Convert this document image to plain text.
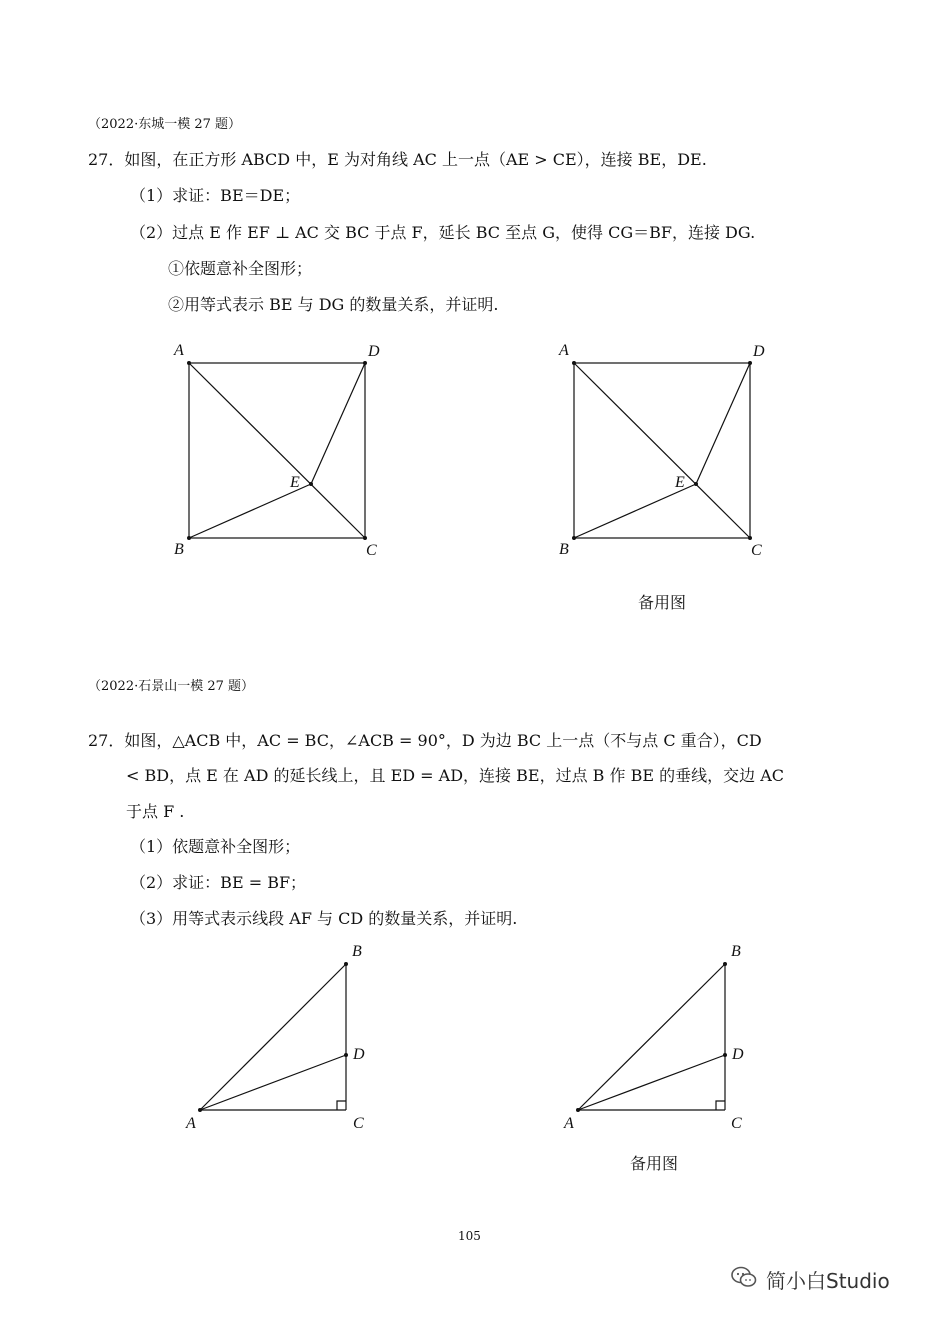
（2022·东城一模 27 题）
27．如图，在正方形 ABCD 中，E 为对角线 AC 上一点（AE > CE），连接 BE，DE.
（1）求证：BE＝DE；
（2）过点 E 作 EF ⊥ AC 交 BC 于点 F，延长 BC 至点 G，使得 CG＝BF，连接 DG.
①依题意补全图形；
②用等式表示 BE 与 DG 的数量关系，并证明.
A	D
E
B	C
A	D
E
B	C
备用图
（2022·石景山一模 27 题）
27．如图，△ACB 中，AC = BC，∠ACB = 90°，D 为边 BC 上一点（不与点 C 重合），CD
< BD，点 E 在 AD 的延长线上，且 ED = AD，连接 BE，过点 B 作 BE 的垂线，交边 AC
于点 F .
（1）依题意补全图形；
（2）求证：BE = BF；
（3）用等式表示线段 AF 与 CD 的数量关系，并证明.
B
D
A	C
B
D
A	C
备用图
105
简小白Studio
